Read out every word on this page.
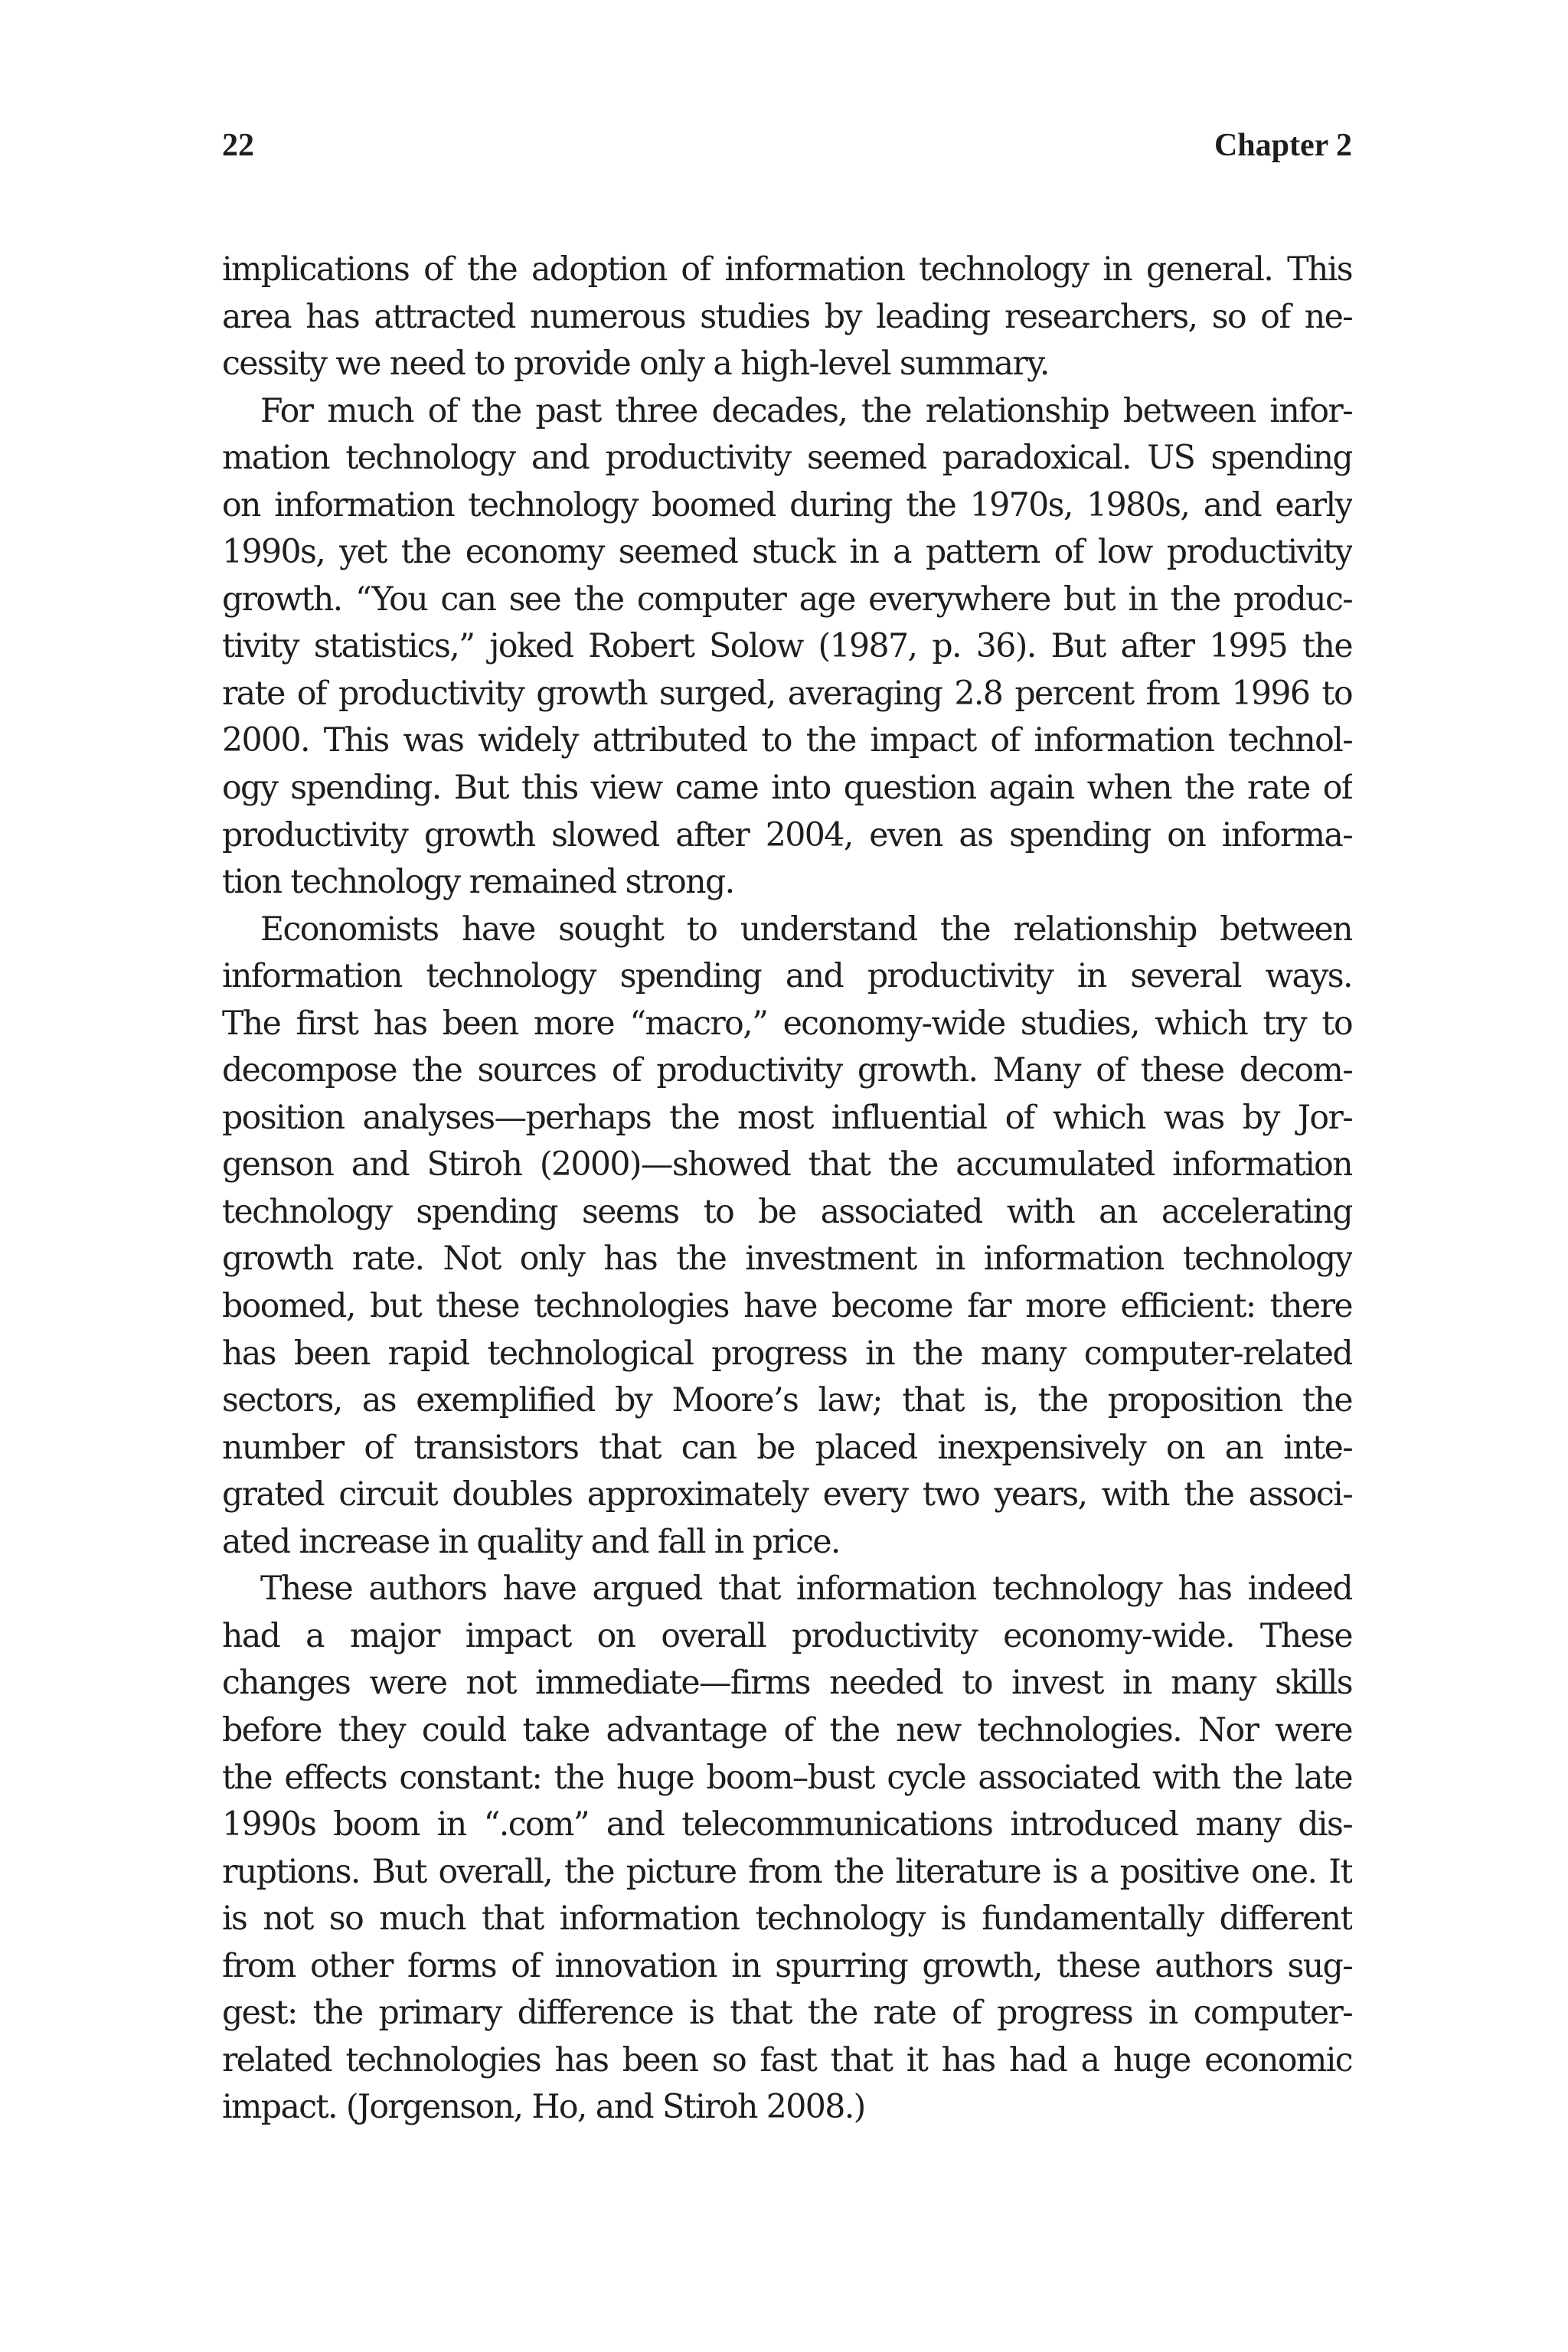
22	Chapter 2
implications of the adoption of information technology in general. This
area has attracted numerous studies by leading researchers, so of ne-
cessity we need to provide only a high-level summary.
For much of the past three decades, the relationship between infor-
mation technology and productivity seemed paradoxical. US spending
on information technology boomed during the 1970s, 1980s, and early
1990s, yet the economy seemed stuck in a pattern of low productivity
growth. “You can see the computer age everywhere but in the produc-
tivity statistics,” joked Robert Solow (1987, p. 36). But after 1995 the
rate of productivity growth surged, averaging 2.8 percent from 1996 to
2000. This was widely attributed to the impact of information technol-
ogy spending. But this view came into question again when the rate of
productivity growth slowed after 2004, even as spending on informa-
tion technology remained strong.
Economists have sought to understand the relationship between
information technology spending and productivity in several ways.
The first has been more “macro,” economy-wide studies, which try to
decompose the sources of productivity growth. Many of these decom-
position analyses—perhaps the most influential of which was by Jor-
genson and Stiroh (2000)—showed that the accumulated information
technology spending seems to be associated with an accelerating
growth rate. Not only has the investment in information technology
boomed, but these technologies have become far more efficient: there
has been rapid technological progress in the many computer-related
sectors, as exemplified by Moore’s law; that is, the proposition the
number of transistors that can be placed inexpensively on an inte-
grated circuit doubles approximately every two years, with the associ-
ated increase in quality and fall in price.
These authors have argued that information technology has indeed
had a major impact on overall productivity economy-wide. These
changes were not immediate—firms needed to invest in many skills
before they could take advantage of the new technologies. Nor were
the effects constant: the huge boom–bust cycle associated with the late
1990s boom in “.com” and telecommunications introduced many dis-
ruptions. But overall, the picture from the literature is a positive one. It
is not so much that information technology is fundamentally different
from other forms of innovation in spurring growth, these authors sug-
gest: the primary difference is that the rate of progress in computer-
related technologies has been so fast that it has had a huge economic
impact. (Jorgenson, Ho, and Stiroh 2008.)
